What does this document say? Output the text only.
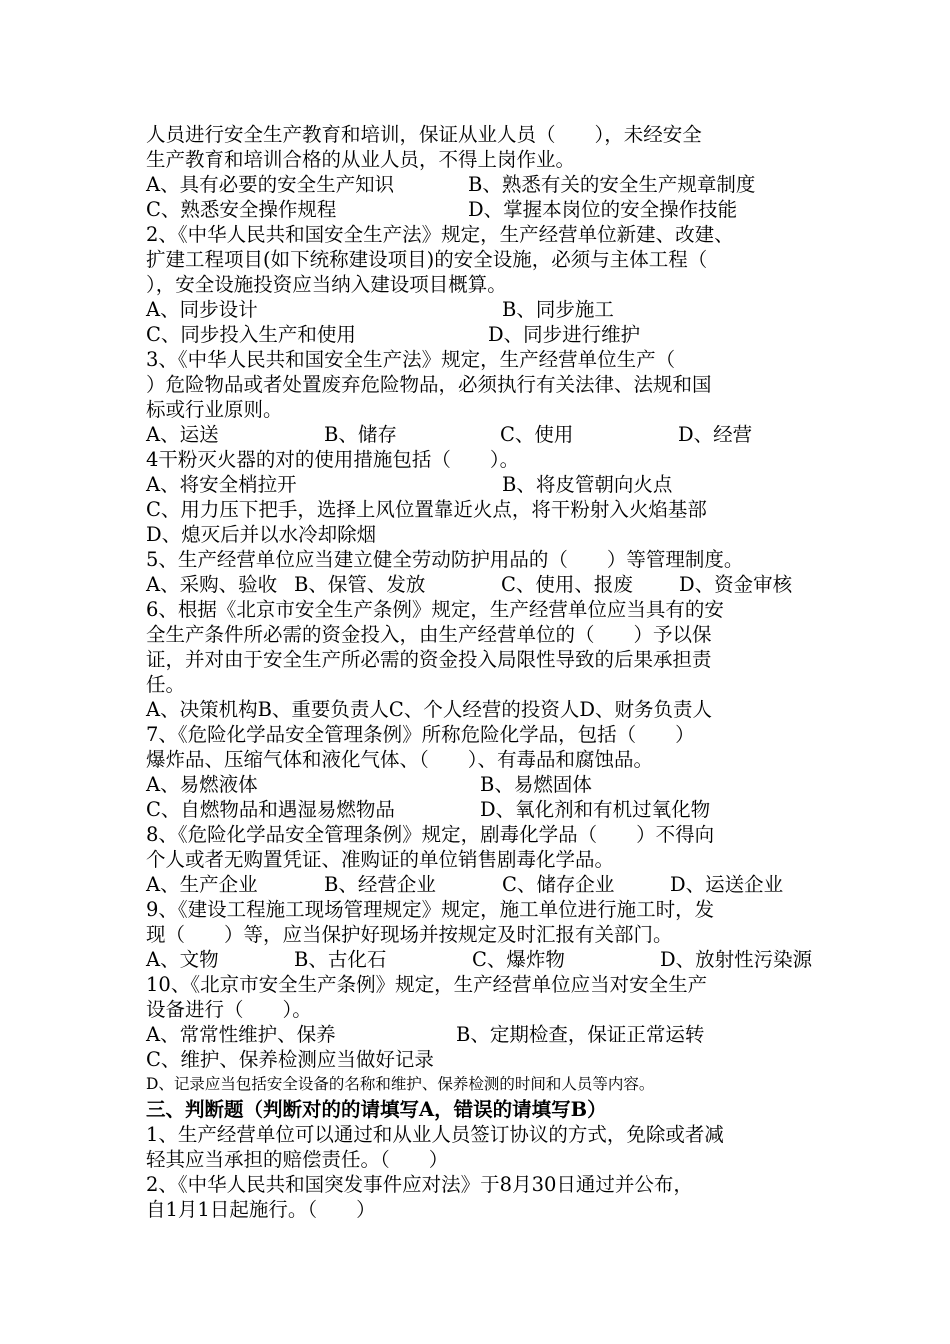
人员进行安全生产教育和培训，保证从业人员（　　），未经安全
生产教育和培训合格的从业人员，不得上岗作业。
A、具有必要的安全生产知识	B、熟悉有关的安全生产规章制度
C、熟悉安全操作规程	D、掌握本岗位的安全操作技能
2、《中华人民共和国安全生产法》规定，生产经营单位新建、改建、
扩建工程项目(如下统称建设项目)的安全设施，必须与主体工程（
），安全设施投资应当纳入建设项目概算。
A、同步设计	B、同步施工
C、同步投入生产和使用	D、同步进行维护
3、《中华人民共和国安全生产法》规定，生产经营单位生产（
）危险物品或者处置废弃危险物品，必须执行有关法律、法规和国
标或行业原则。
A、运送	B、储存	C、使用	D、经营
4干粉灭火器的对的使用措施包括（　　）。
A、将安全梢拉开	B、将皮管朝向火点
C、用力压下把手，选择上风位置靠近火点，将干粉射入火焰基部
D、熄灭后并以水冷却除烟
5、生产经营单位应当建立健全劳动防护用品的（　　）等管理制度。
A、采购、验收 B、保管、发放	C、使用、报废 D、资金审核
6、根据《北京市安全生产条例》规定，生产经营单位应当具有的安
全生产条件所必需的资金投入，由生产经营单位的（　　）予以保
证，并对由于安全生产所必需的资金投入局限性导致的后果承担责
任。
A、决策机构B、重要负责人C、个人经营的投资人D、财务负责人
7、《危险化学品安全管理条例》所称危险化学品，包括（　　）
爆炸品、压缩气体和液化气体、（　　）、有毒品和腐蚀品。
A、易燃液体	B、易燃固体
C、自燃物品和遇湿易燃物品	D、氧化剂和有机过氧化物
8、《危险化学品安全管理条例》规定，剧毒化学品（　　）不得向
个人或者无购置凭证、准购证的单位销售剧毒化学品。
A、生产企业	B、经营企业	C、储存企业	D、运送企业
9、《建设工程施工现场管理规定》规定，施工单位进行施工时，发
现（　　）等，应当保护好现场并按规定及时汇报有关部门。
A、文物	B、古化石	C、爆炸物	D、放射性污染源
10、《北京市安全生产条例》规定，生产经营单位应当对安全生产
设备进行（　　）。
A、常常性维护、保养	B、定期检查，保证正常运转
C、维护、保养检测应当做好记录
D、记录应当包括安全设备的名称和维护、保养检测的时间和人员等内容。
三、判断题（判断对的的请填写A，错误的请填写B）
1、生产经营单位可以通过和从业人员签订协议的方式，免除或者减
轻其应当承担的赔偿责任。（　　）
2、《中华人民共和国突发事件应对法》于8月30日通过并公布，
自1月1日起施行。（　　）
